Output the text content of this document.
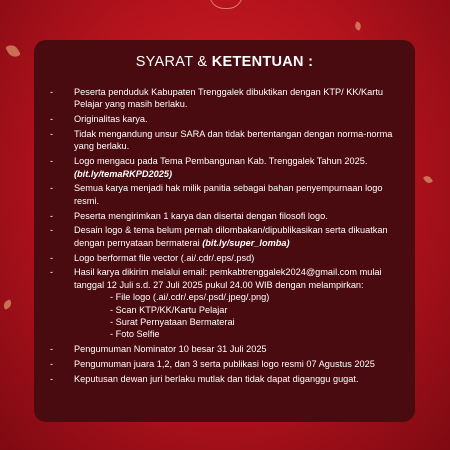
SYARAT & KETENTUAN :
- Peserta penduduk Kabupaten Trenggalek dibuktikan dengan KTP/ KK/Kartu Pelajar yang masih berlaku.
- Originalitas karya.
- Tidak mengandung unsur SARA dan tidak bertentangan dengan norma-norma yang berlaku.
- Logo mengacu pada Tema Pembangunan Kab. Trenggalek Tahun 2025. (bit.ly/temaRKPD2025)
- Semua karya menjadi hak milik panitia sebagai bahan penyempurnaan logo resmi.
- Peserta mengirimkan 1 karya dan disertai dengan filosofi logo.
- Desain logo & tema belum pernah dilombakan/dipublikasikan serta dikuatkan dengan pernyataan bermaterai (bit.ly/super_lomba)
- Logo berformat file vector (.ai/.cdr/.eps/.psd)
- Hasil karya dikirim melalui email: pemkabtrenggalek2024@gmail.com mulai tanggal 12 Juli s.d. 27 Juli 2025 pukul 24.00 WIB dengan melampirkan:
- File logo (.ai/.cdr/.eps/.psd/.jpeg/.png)
- Scan KTP/KK/Kartu Pelajar
- Surat Pernyataan Bermaterai
- Foto Selfie
- Pengumuman Nominator 10 besar 31 Juli 2025
- Pengumuman juara 1,2, dan 3 serta publikasi logo resmi 07 Agustus 2025
- Keputusan dewan juri berlaku mutlak dan tidak dapat diganggu gugat.
